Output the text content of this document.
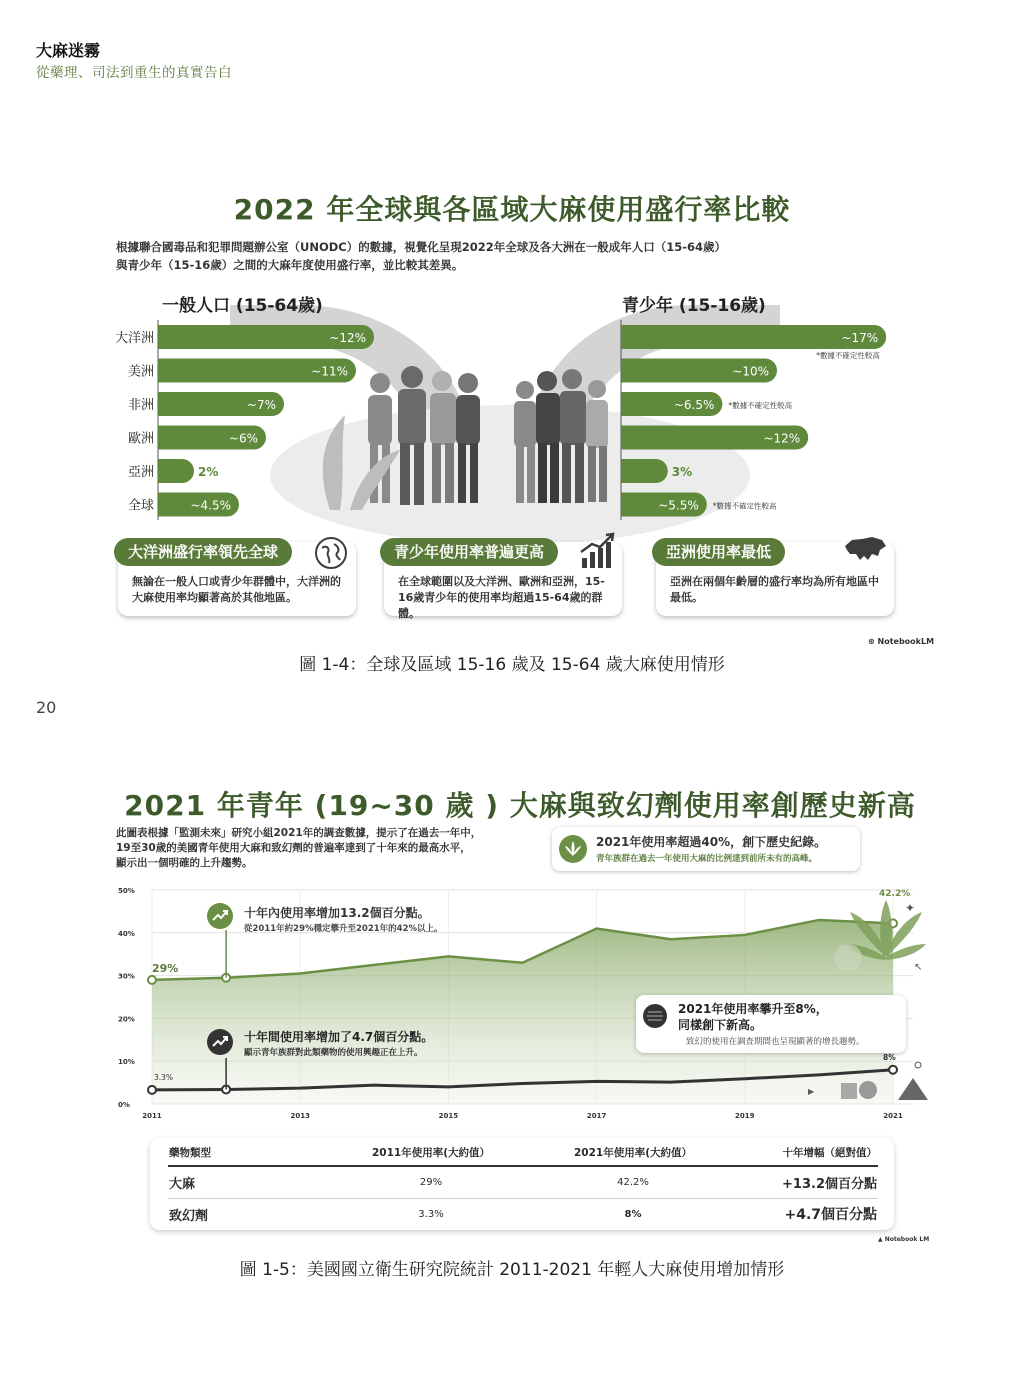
大麻迷霧
從藥理、司法到重生的真實告白
2022 年全球與各區域大麻使用盛行率比較
根據聯合國毒品和犯罪問題辦公室（UNODC）的數據，視覺化呈現2022年全球及各大洲在一般成年人口（15-64歲）
與青少年（15-16歲）之間的大麻年度使用盛行率，並比較其差異。
一般人口 (15-64歲)	青少年 (15-16歲)
大洋洲	~12%	~17%
*數據不確定性較高
美洲	~11%	~10%
非洲	~7%	~6.5% *數據不確定性較高
歐洲	~6%	~12%
亞洲	2%	3%
全球	~4.5%	~5.5% *數據不確定性較高
大洋洲盛行率領先全球
無論在一般人口或青少年群體中，大洋洲的
大麻使用率均顯著高於其他地區。
青少年使用率普遍更高
在全球範圍以及大洋洲、歐洲和亞洲，15-
16歲青少年的使用率均超過15-64歲的群體。
亞洲使用率最低
亞洲在兩個年齡層的盛行率均為所有地區中
最低。
⊛ NotebookLM
圖 1-4：全球及區域 15-16 歲及 15-64 歲大麻使用情形
20
2021 年青年 (19~30 歲 ) 大麻與致幻劑使用率創歷史新高
此圖表根據「監測未來」研究小組2021年的調查數據，提示了在過去一年中，
19至30歲的美國青年使用大麻和致幻劑的普遍率達到了十年來的最高水平，
顯示出一個明確的上升趨勢。
0%
10%
20%
30%
40%
50%
2011	2013	2015	2017	2019	2021
29%
42.2%
3.3%
8%
✦
↖
▶
2021年使用率超過40%，創下歷史紀錄。
青年族群在過去一年使用大麻的比例達到前所未有的高峰。
十年內使用率增加13.2個百分點。
從2011年約29%穩定攀升至2021年的42%以上。
十年間使用率增加了4.7個百分點。
顯示青年族群對此類藥物的使用興趣正在上升。
2021年使用率攀升至8%，
同樣創下新高。
致幻的使用在調查期間也呈現顯著的增長趨勢。
藥物類型	2011年使用率(大約值）	2021年使用率(大約值）	十年增幅（絕對值）
大麻	29%	42.2%	+13.2個百分點
致幻劑	3.3%	8%	+4.7個百分點
▲ Notebook LM
圖 1-5：美國國立衛生研究院統計 2011-2021 年輕人大麻使用增加情形
